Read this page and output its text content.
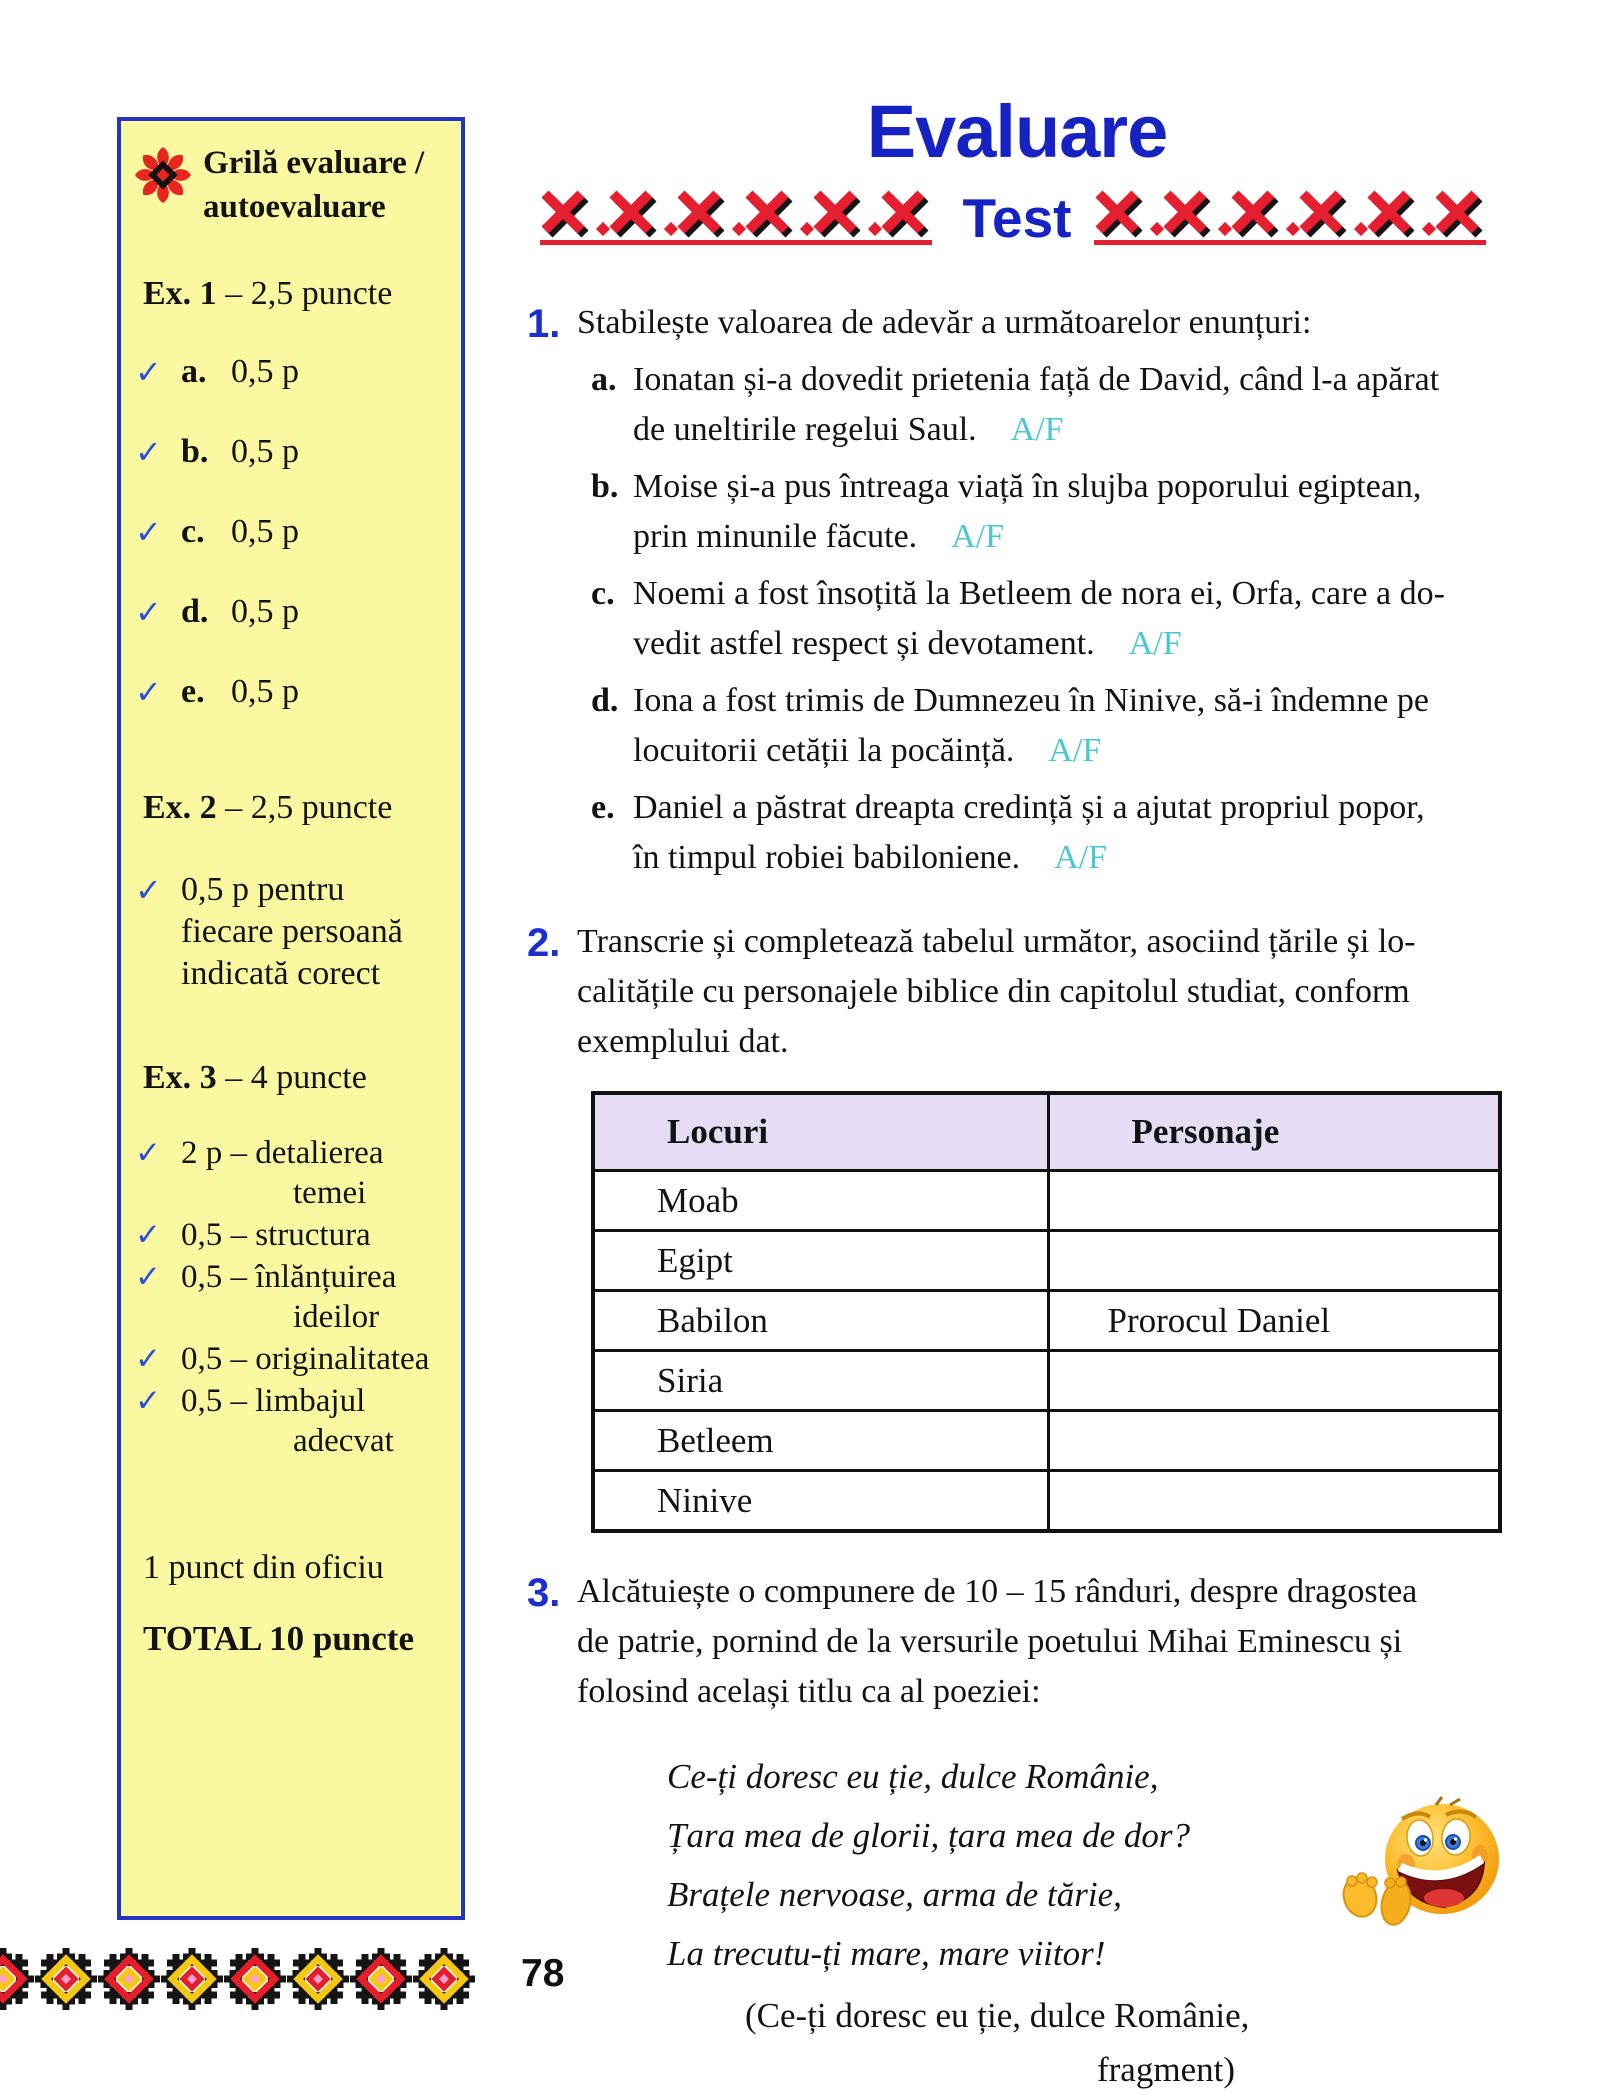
Grilă evaluare /
autoevaluare
Ex. 1 – 2,5 puncte
✓ a. 0,5 p
✓ b. 0,5 p
✓ c. 0,5 p
✓ d. 0,5 p
✓ e. 0,5 p
Ex. 2 – 2,5 puncte
✓ 0,5 p pentru
fiecare persoană
indicată corect
Ex. 3 – 4 puncte
✓ 2 p – detalierea
temei
✓ 0,5 – structura
✓ 0,5 – înlănțuirea
ideilor
✓ 0,5 – originalitatea
✓ 0,5 – limbajul
adecvat
1 punct din oficiu
TOTAL 10 puncte
Evaluare
Test
1. Stabilește valoarea de adevăr a următoarelor enunțuri:
a. Ionatan și-a dovedit prietenia față de David, când l-a apărat
de uneltirile regelui Saul. A/F
b. Moise și-a pus întreaga viață în slujba poporului egiptean,
prin minunile făcute. A/F
c. Noemi a fost însoțită la Betleem de nora ei, Orfa, care a do-
vedit astfel respect și devotament. A/F
d. Iona a fost trimis de Dumnezeu în Ninive, să-i îndemne pe
locuitorii cetății la pocăință. A/F
e. Daniel a păstrat dreapta credință și a ajutat propriul popor,
în timpul robiei babiloniene. A/F
2. Transcrie și completează tabelul următor, asociind țările și lo-
calitățile cu personajele biblice din capitolul studiat, conform
exemplului dat.
Locuri	Personaje
Moab	
Egipt	
Babilon	Prorocul Daniel
Siria	
Betleem	
Ninive	
3. Alcătuiește o compunere de 10 – 15 rânduri, despre dragostea
de patrie, pornind de la versurile poetului Mihai Eminescu și
folosind același titlu ca al poeziei:
Ce-ți doresc eu ție, dulce Românie,
Țara mea de glorii, țara mea de dor?
Brațele nervoase, arma de tărie,
La trecutu-ți mare, mare viitor!
(Ce-ți doresc eu ție, dulce Românie,
fragment)
78
